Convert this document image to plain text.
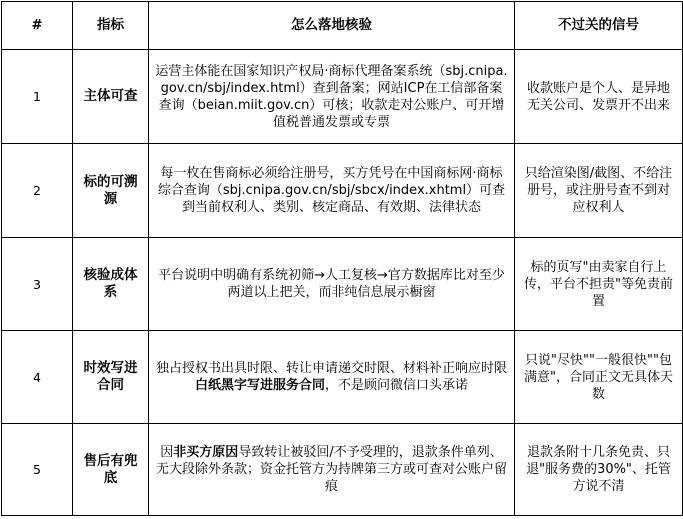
#	指标	怎么落地核验	不过关的信号
1	主体可查	运营主体能在国家知识产权局·商标代理备案系统（sbj.cnipa.gov.cn/sbj/index.html）查到备案；网站ICP在工信部备案查询（beian.miit.gov.cn）可核；收款走对公账户、可开增值税普通发票或专票	收款账户是个人、是异地无关公司、发票开不出来
2	标的可溯源	每一枚在售商标必须给注册号，买方凭号在中国商标网·商标综合查询（sbj.cnipa.gov.cn/sbj/sbcx/index.xhtml）可查到当前权利人、类别、核定商品、有效期、法律状态	只给渲染图/截图、不给注册号，或注册号查不到对应权利人
3	核验成体系	平台说明中明确有系统初筛→人工复核→官方数据库比对至少两道以上把关，而非纯信息展示橱窗	标的页写"由卖家自行上传，平台不担责"等免责前置
4	时效写进合同	独占授权书出具时限、转让申请递交时限、材料补正响应时限白纸黑字写进服务合同，不是顾问微信口头承诺	只说"尽快""一般很快""包满意"，合同正文无具体天数
5	售后有兜底	因非买方原因导致转让被驳回/不予受理的，退款条件单列、无大段除外条款；资金托管方为持牌第三方或可查对公账户留痕	退款条附十几条免责、只退"服务费的30%"、托管方说不清
